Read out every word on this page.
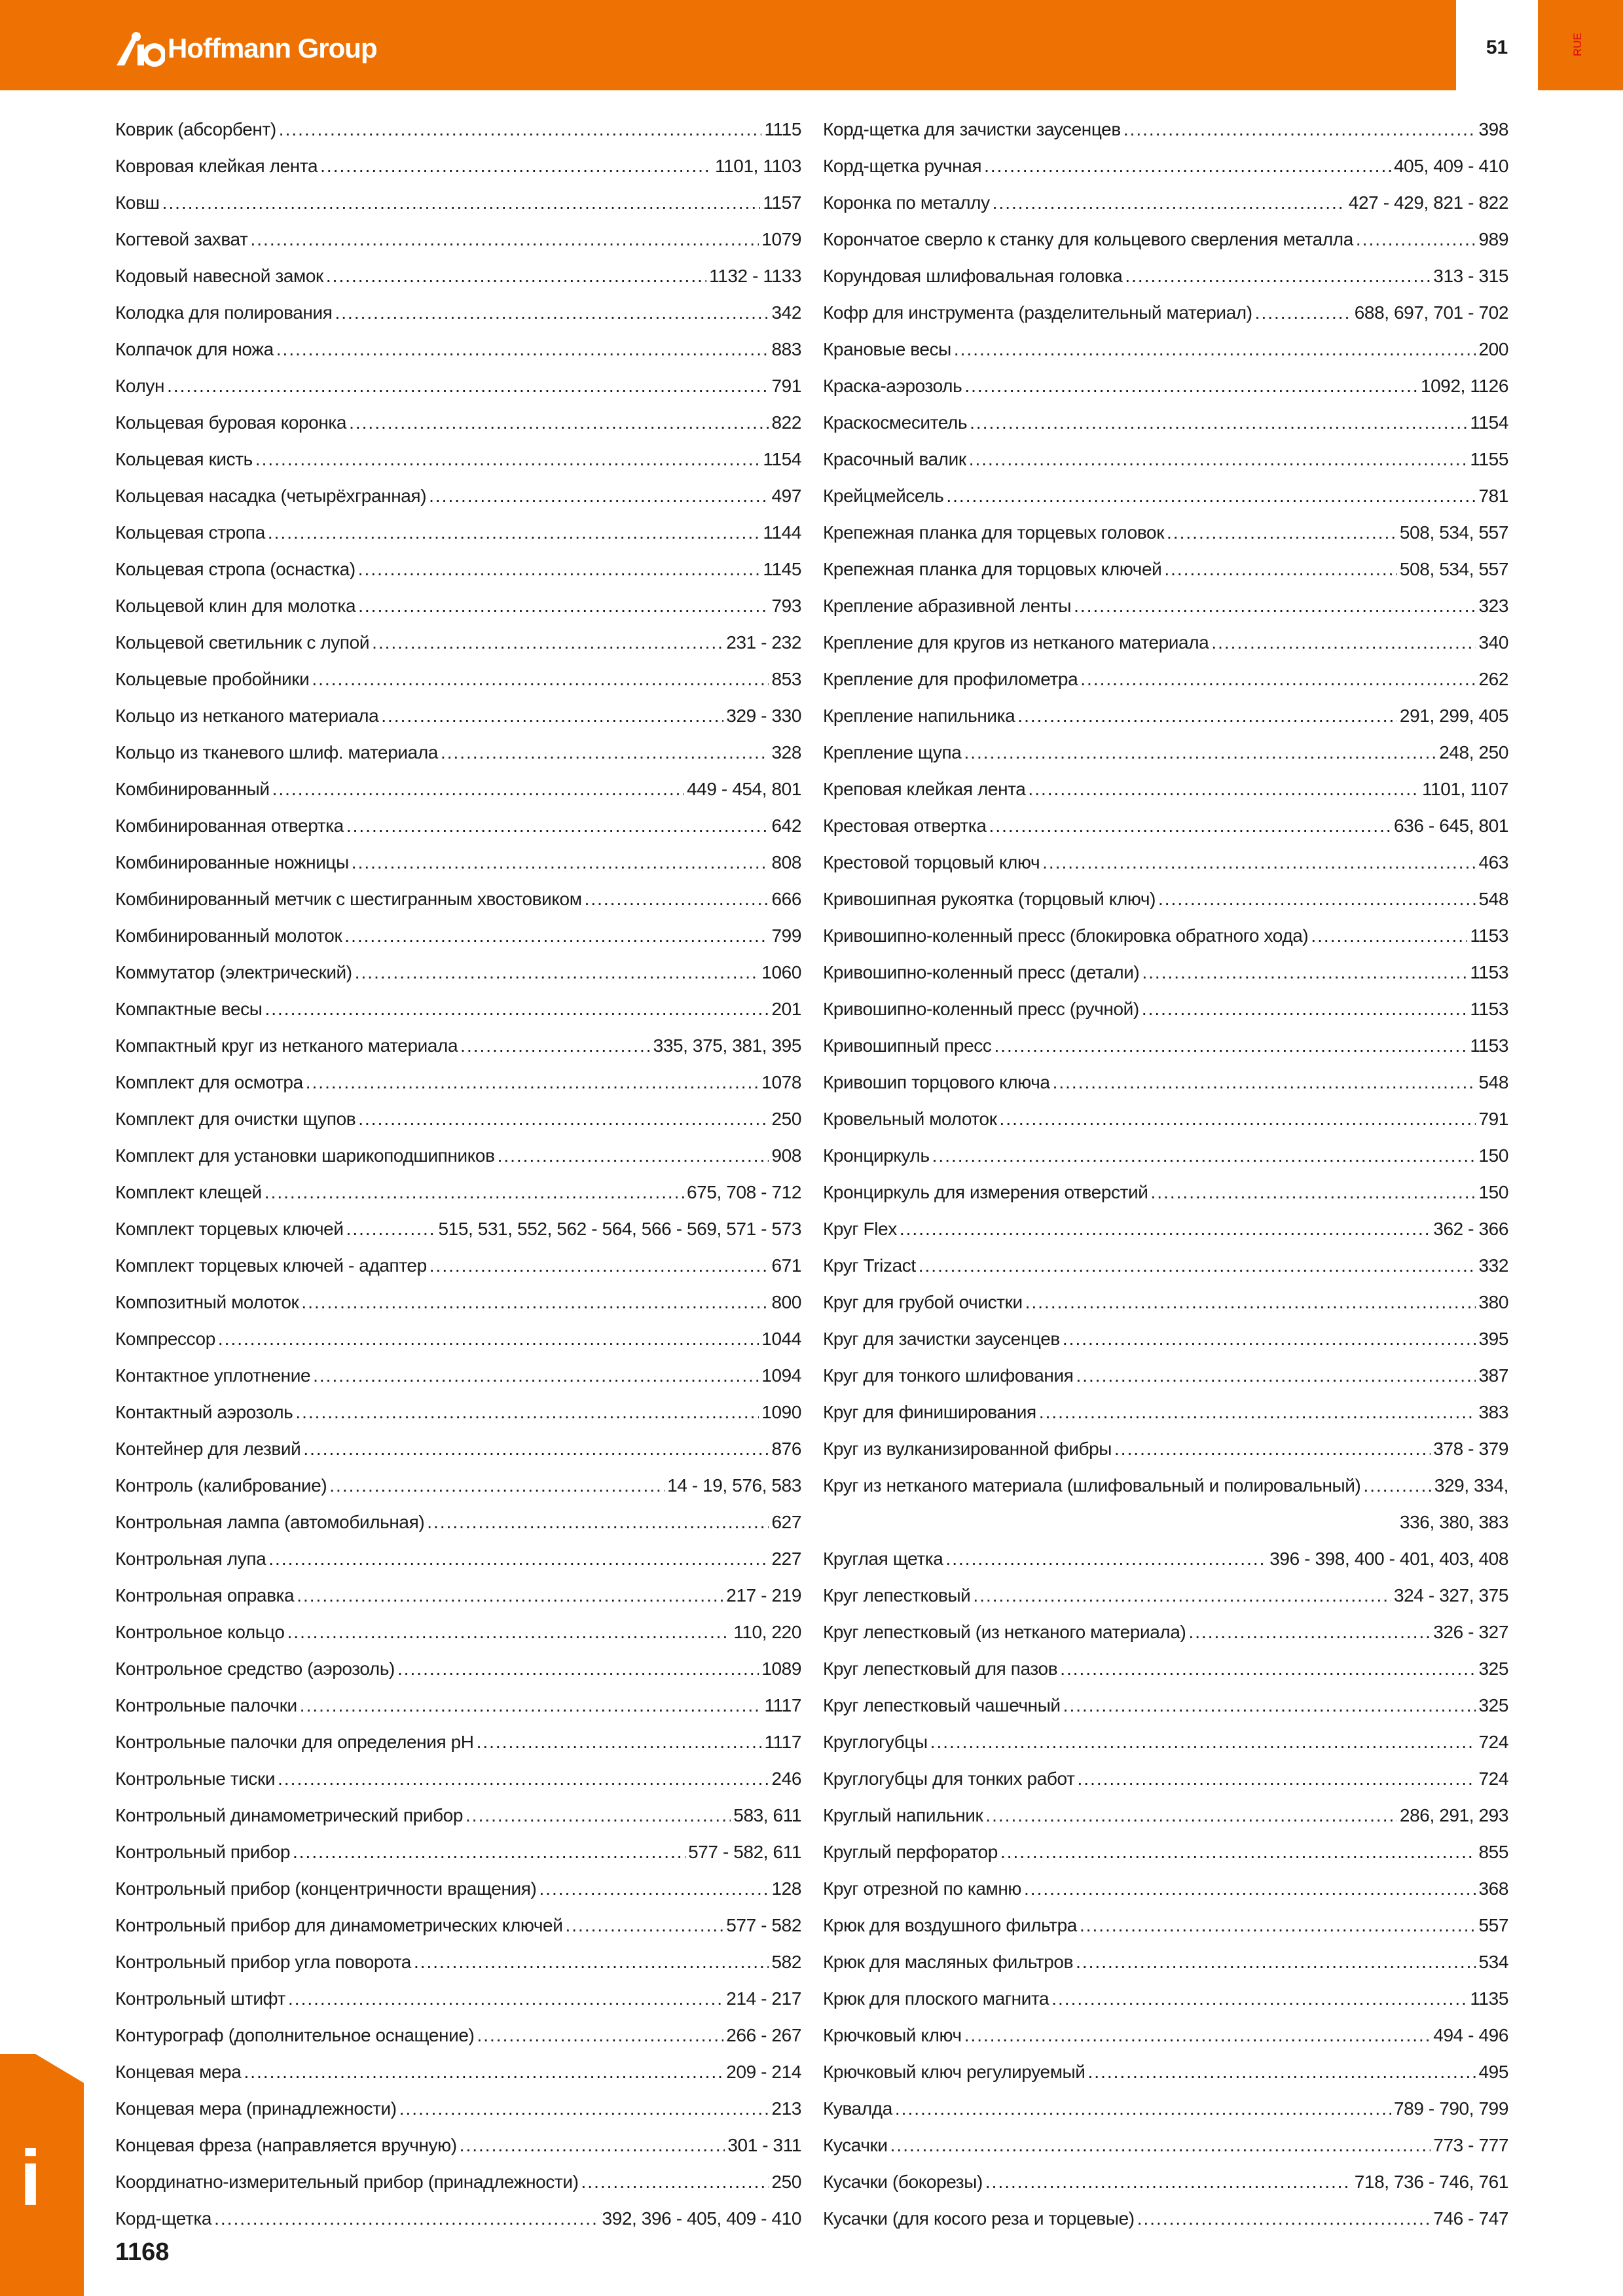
Hoffmann Group	51	RUE
Коврик (абсорбент) .....	1115
Ковровая клейкая лента .....	1101, 1103
Ковш .....	1157
Когтевой захват .....	1079
Кодовый навесной замок .....	1132 - 1133
Колодка для полирования .....	342
Колпачок для ножа .....	883
Колун .....	791
Кольцевая буровая коронка .....	822
Кольцевая кисть .....	1154
Кольцевая насадка (четырёхгранная) .....	497
Кольцевая стропа .....	1144
Кольцевая стропа (оснастка) .....	1145
Кольцевой клин для молотка .....	793
Кольцевой светильник с лупой .....	231 - 232
Кольцевые пробойники .....	853
Кольцо из нетканого материала .....	329 - 330
Кольцо из тканевого шлиф. материала .....	328
Комбинированный .....	449 - 454, 801
Комбинированная отвертка .....	642
Комбинированные ножницы .....	808
Комбинированный метчик с шестигранным хвостовиком .....	666
Комбинированный молоток .....	799
Коммутатор (электрический) .....	1060
Компактные весы .....	201
Компактный круг из нетканого материала .....	335, 375, 381, 395
Комплект для осмотра .....	1078
Комплект для очистки щупов .....	250
Комплект для установки шарикоподшипников .....	908
Комплект клещей .....	675, 708 - 712
Комплект торцевых ключей .....	515, 531, 552, 562 - 564, 566 - 569, 571 - 573
Комплект торцевых ключей - адаптер .....	671
Композитный молоток .....	800
Компрессор .....	1044
Контактное уплотнение .....	1094
Контактный аэрозоль .....	1090
Контейнер для лезвий .....	876
Контроль (калибрование) .....	14 - 19, 576, 583
Контрольная лампа (автомобильная) .....	627
Контрольная лупа .....	227
Контрольная оправка .....	217 - 219
Контрольное кольцо .....	110, 220
Контрольное средство (аэрозоль) .....	1089
Контрольные палочки .....	1117
Контрольные палочки для определения pH .....	1117
Контрольные тиски .....	246
Контрольный динамометрический прибор .....	583, 611
Контрольный прибор .....	577 - 582, 611
Контрольный прибор (концентричности вращения) .....	128
Контрольный прибор для динамометрических ключей .....	577 - 582
Контрольный прибор угла поворота .....	582
Контрольный штифт .....	214 - 217
Контурограф (дополнительное оснащение) .....	266 - 267
Концевая мера .....	209 - 214
Концевая мера (принадлежности) .....	213
Концевая фреза (направляется вручную) .....	301 - 311
Координатно-измерительный прибор (принадлежности) .....	250
Корд-щетка .....	392, 396 - 405, 409 - 410
Корд-щетка для зачистки заусенцев .....	398
Корд-щетка ручная .....	405, 409 - 410
Коронка по металлу .....	427 - 429, 821 - 822
Корончатое сверло к станку для кольцевого сверления металла .....	989
Корундовая шлифовальная головка .....	313 - 315
Кофр для инструмента (разделительный материал) .....	688, 697, 701 - 702
Крановые весы .....	200
Краска-аэрозоль .....	1092, 1126
Краскосмеситель .....	1154
Красочный валик .....	1155
Крейцмейсель .....	781
Крепежная планка для торцевых головок .....	508, 534, 557
Крепежная планка для торцовых ключей .....	508, 534, 557
Крепление абразивной ленты .....	323
Крепление для кругов из нетканого материала .....	340
Крепление для профилометра .....	262
Крепление напильника .....	291, 299, 405
Крепление щупа .....	248, 250
Креповая клейкая лента .....	1101, 1107
Крестовая отвертка .....	636 - 645, 801
Крестовой торцовый ключ .....	463
Кривошипная рукоятка (торцовый ключ) .....	548
Кривошипно-коленный пресс (блокировка обратного хода) .....	1153
Кривошипно-коленный пресс (детали) .....	1153
Кривошипно-коленный пресс (ручной) .....	1153
Кривошипный пресс .....	1153
Кривошип торцового ключа .....	548
Кровельный молоток .....	791
Кронциркуль .....	150
Кронциркуль для измерения отверстий .....	150
Круг Flex .....	362 - 366
Круг Trizact .....	332
Круг для грубой очистки .....	380
Круг для зачистки заусенцев .....	395
Круг для тонкого шлифования .....	387
Круг для финиширования .....	383
Круг из вулканизированной фибры .....	378 - 379
Круг из нетканого материала (шлифовальный и полировальный) .....	329, 334,
336, 380, 383
Круглая щетка .....	396 - 398, 400 - 401, 403, 408
Круг лепестковый .....	324 - 327, 375
Круг лепестковый (из нетканого материала) .....	326 - 327
Круг лепестковый для пазов .....	325
Круг лепестковый чашечный .....	325
Круглогубцы .....	724
Круглогубцы для тонких работ .....	724
Круглый напильник .....	286, 291, 293
Круглый перфоратор .....	855
Круг отрезной по камню .....	368
Крюк для воздушного фильтра .....	557
Крюк для масляных фильтров .....	534
Крюк для плоского магнита .....	1135
Крючковый ключ .....	494 - 496
Крючковый ключ регулируемый .....	495
Кувалда .....	789 - 790, 799
Кусачки .....	773 - 777
Кусачки (бокорезы) .....	718, 736 - 746, 761
Кусачки (для косого реза и торцевые) .....	746 - 747
i
1168
